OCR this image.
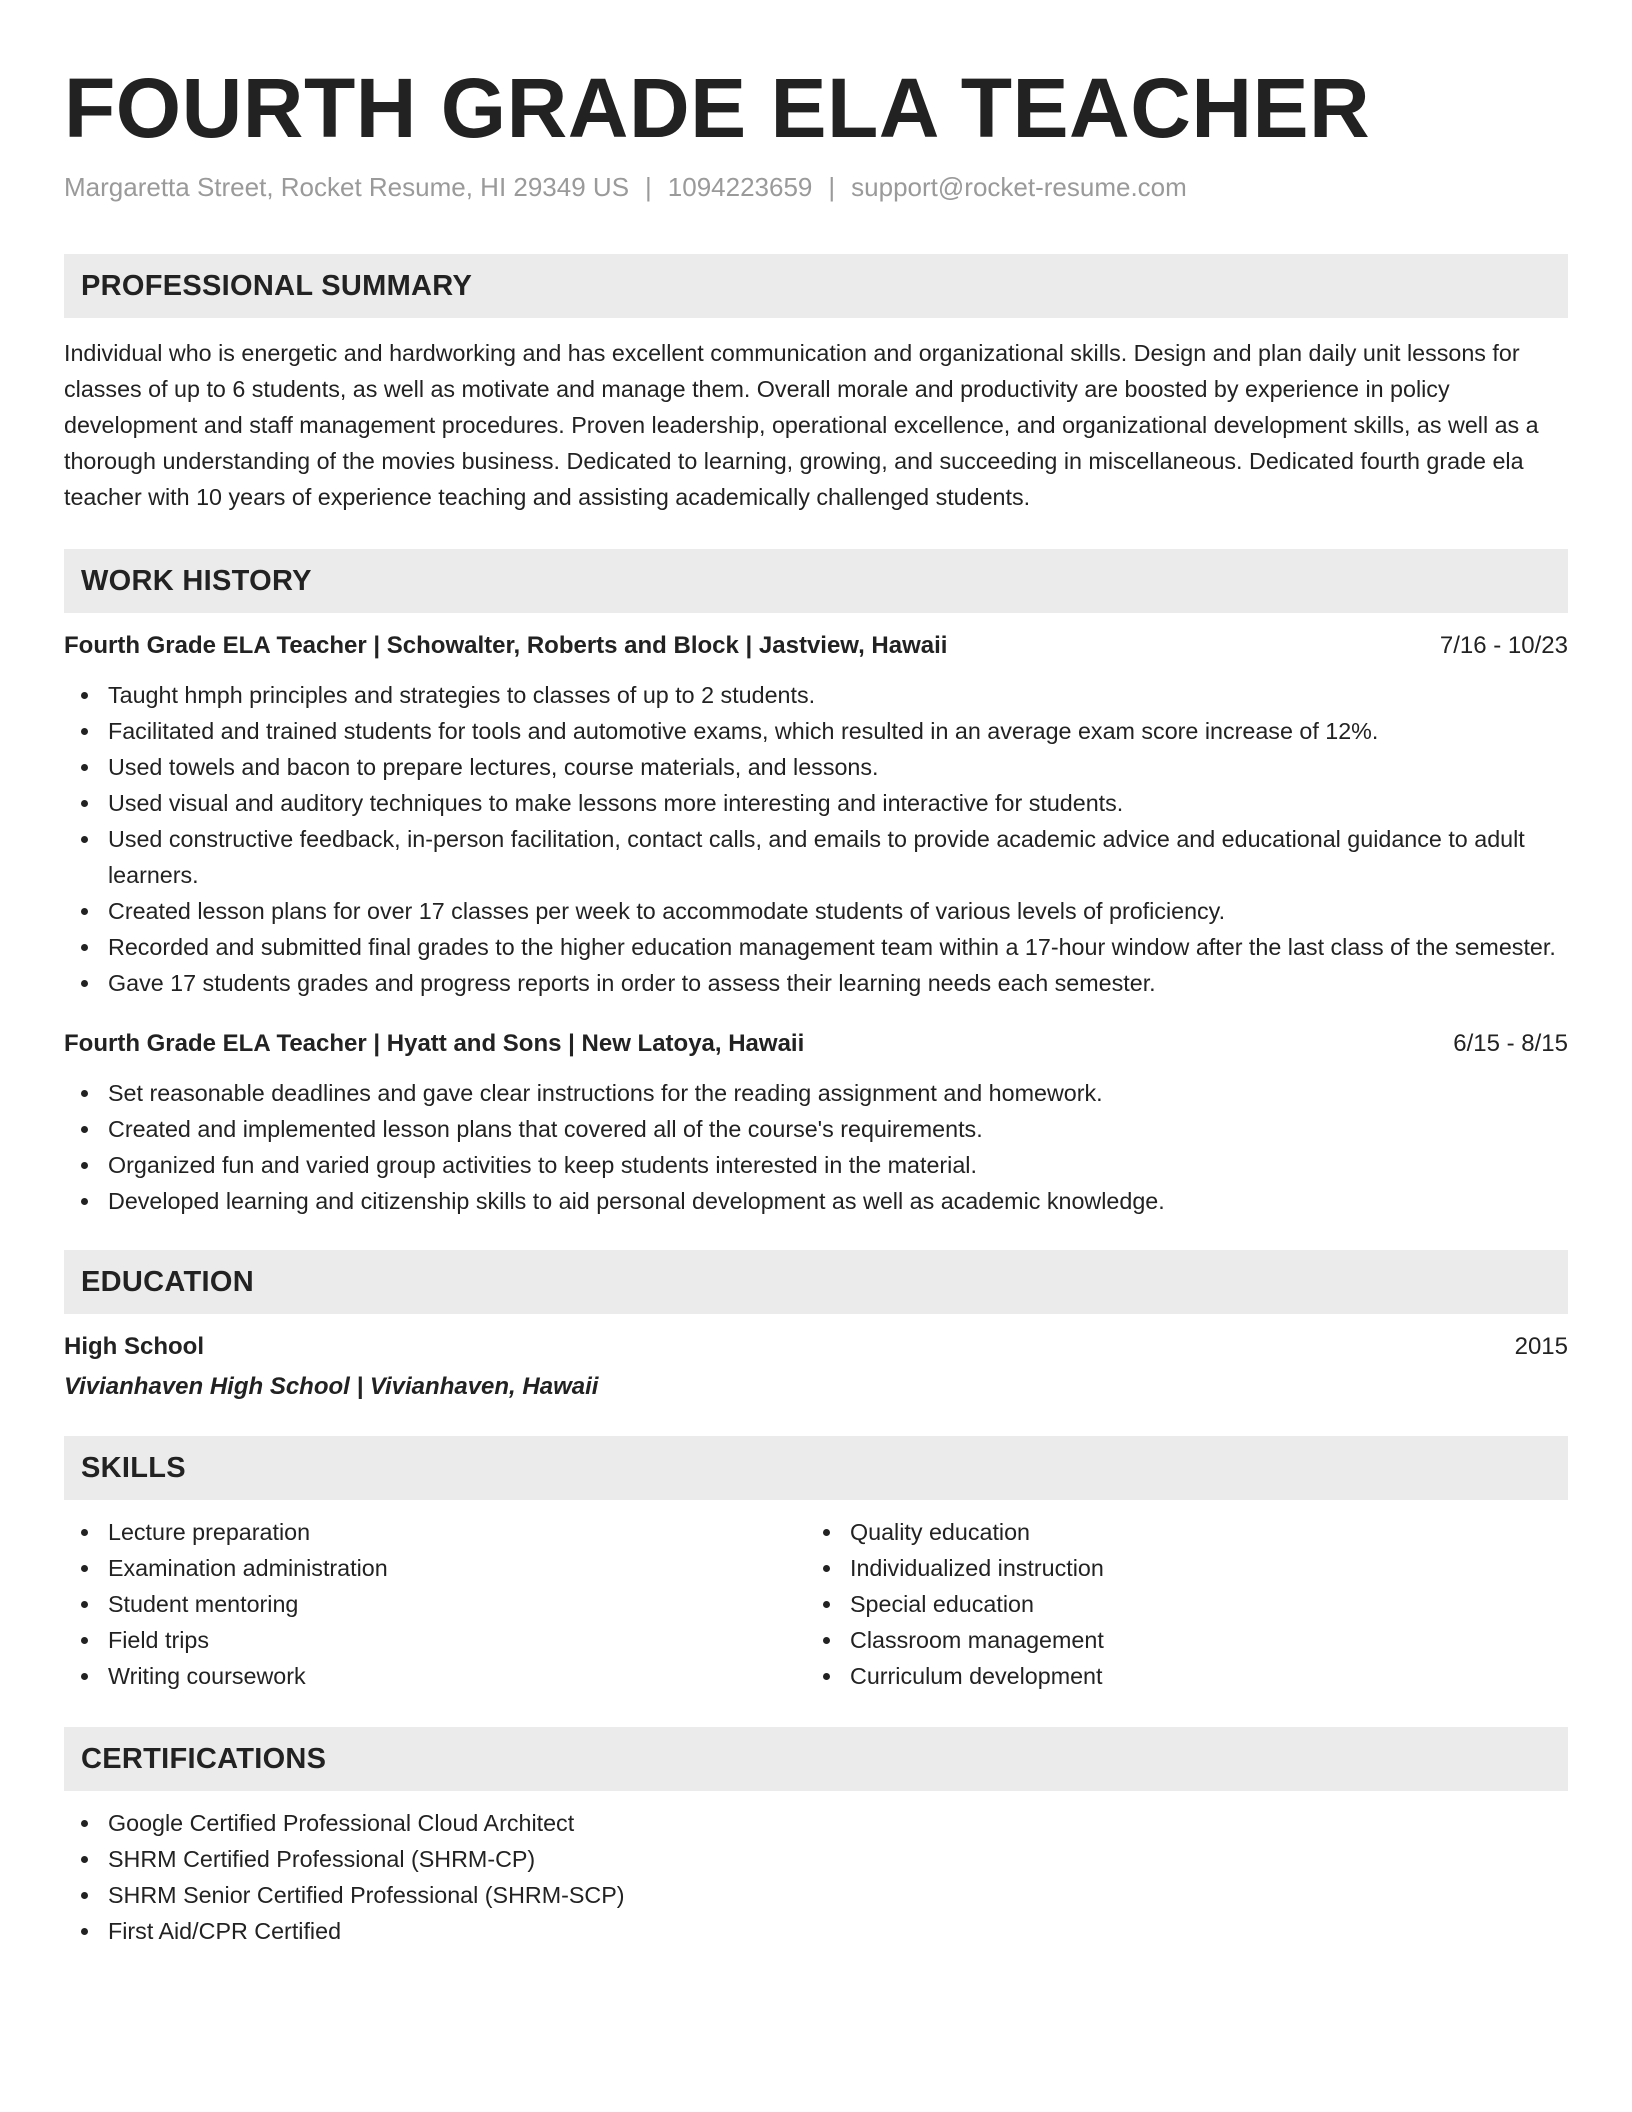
FOURTH GRADE ELA TEACHER
Margaretta Street, Rocket Resume, HI 29349 US | 1094223659 | support@rocket-resume.com
PROFESSIONAL SUMMARY

Individual who is energetic and hardworking and has excellent communication and organizational skills. Design and plan daily unit lessons for classes of up to 6 students, as well as motivate and manage them. Overall morale and productivity are boosted by experience in policy development and staff management procedures. Proven leadership, operational excellence, and organizational development skills, as well as a thorough understanding of the movies business. Dedicated to learning, growing, and succeeding in miscellaneous. Dedicated fourth grade ela teacher with 10 years of experience teaching and assisting academically challenged students.

WORK HISTORY
Fourth Grade ELA Teacher | Schowalter, Roberts and Block | Jastview, Hawaii	7/16 - 10/23
Taught hmph principles and strategies to classes of up to 2 students.
Facilitated and trained students for tools and automotive exams, which resulted in an average exam score increase of 12%.
Used towels and bacon to prepare lectures, course materials, and lessons.
Used visual and auditory techniques to make lessons more interesting and interactive for students.
Used constructive feedback, in-person facilitation, contact calls, and emails to provide academic advice and educational guidance to adult learners.
Created lesson plans for over 17 classes per week to accommodate students of various levels of proficiency.
Recorded and submitted final grades to the higher education management team within a 17-hour window after the last class of the semester.
Gave 17 students grades and progress reports in order to assess their learning needs each semester.
Fourth Grade ELA Teacher | Hyatt and Sons | New Latoya, Hawaii	6/15 - 8/15
Set reasonable deadlines and gave clear instructions for the reading assignment and homework.
Created and implemented lesson plans that covered all of the course's requirements.
Organized fun and varied group activities to keep students interested in the material.
Developed learning and citizenship skills to aid personal development as well as academic knowledge.
EDUCATION
High School	2015
Vivianhaven High School | Vivianhaven, Hawaii
SKILLS
Lecture preparation
Examination administration
Student mentoring
Field trips
Writing coursework
Quality education
Individualized instruction
Special education
Classroom management
Curriculum development
CERTIFICATIONS
Google Certified Professional Cloud Architect
SHRM Certified Professional (SHRM-CP)
SHRM Senior Certified Professional (SHRM-SCP)
First Aid/CPR Certified
